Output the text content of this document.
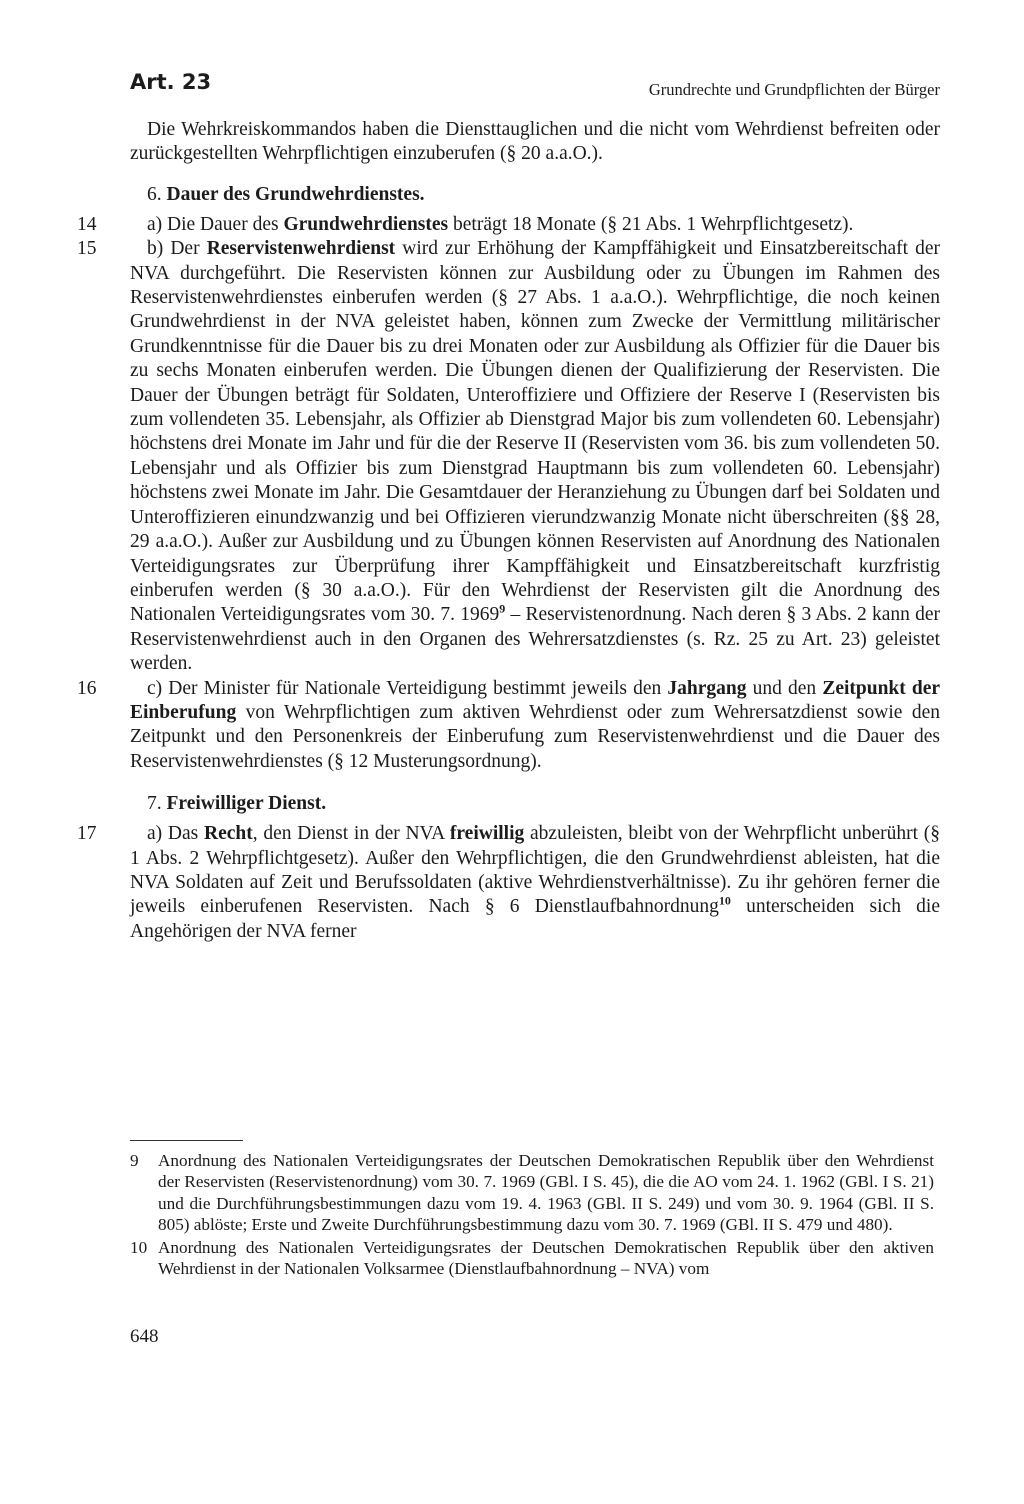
Art. 23	Grundrechte und Grundpflichten der Bürger

Die Wehrkreiskommandos haben die Diensttauglichen und die nicht vom Wehrdienst befreiten oder zurückgestellten Wehrpflichtigen einzuberufen (§ 20 a.a.O.).

6. Dauer des Grundwehrdienstes.

14	a) Die Dauer des Grundwehrdienstes beträgt 18 Monate (§ 21 Abs. 1 Wehrpflichtgesetz).

15	b) Der Reservistenwehrdienst wird zur Erhöhung der Kampffähigkeit und Einsatzbereitschaft der NVA durchgeführt. Die Reservisten können zur Ausbildung oder zu Übungen im Rahmen des Reservistenwehrdienstes einberufen werden (§ 27 Abs. 1 a.a.O.). Wehrpflichtige, die noch keinen Grundwehrdienst in der NVA geleistet haben, können zum Zwecke der Vermittlung militärischer Grundkenntnisse für die Dauer bis zu drei Monaten oder zur Ausbildung als Offizier für die Dauer bis zu sechs Monaten einberufen werden. Die Übungen dienen der Qualifizierung der Reservisten. Die Dauer der Übungen beträgt für Soldaten, Unteroffiziere und Offiziere der Reserve I (Reservisten bis zum vollendeten 35. Lebensjahr, als Offizier ab Dienstgrad Major bis zum vollendeten 60. Lebensjahr) höchstens drei Monate im Jahr und für die der Reserve II (Reservisten vom 36. bis zum vollendeten 50. Lebensjahr und als Offizier bis zum Dienstgrad Hauptmann bis zum vollendeten 60. Lebensjahr) höchstens zwei Monate im Jahr. Die Gesamtdauer der Heranziehung zu Übungen darf bei Soldaten und Unteroffizieren einundzwanzig und bei Offizieren vierundzwanzig Monate nicht überschreiten (§§ 28, 29 a.a.O.). Außer zur Ausbildung und zu Übungen können Reservisten auf Anordnung des Nationalen Verteidigungsrates zur Überprüfung ihrer Kampffähigkeit und Einsatzbereitschaft kurzfristig einberufen werden (§ 30 a.a.O.). Für den Wehrdienst der Reservisten gilt die Anordnung des Nationalen Verteidigungsrates vom 30. 7. 1969$^9$ – Reservistenordnung. Nach deren § 3 Abs. 2 kann der Reservistenwehrdienst auch in den Organen des Wehrersatzdienstes (s. Rz. 25 zu Art. 23) geleistet werden.

16	c) Der Minister für Nationale Verteidigung bestimmt jeweils den Jahrgang und den Zeitpunkt der Einberufung von Wehrpflichtigen zum aktiven Wehrdienst oder zum Wehrersatzdienst sowie den Zeitpunkt und den Personenkreis der Einberufung zum Reservistenwehrdienst und die Dauer des Reservistenwehrdienstes (§ 12 Musterungsordnung).

7. Freiwilliger Dienst.

17	a) Das Recht, den Dienst in der NVA freiwillig abzuleisten, bleibt von der Wehrpflicht unberührt (§ 1 Abs. 2 Wehrpflichtgesetz). Außer den Wehrpflichtigen, die den Grundwehrdienst ableisten, hat die NVA Soldaten auf Zeit und Berufssoldaten (aktive Wehrdienstverhältnisse). Zu ihr gehören ferner die jeweils einberufenen Reservisten. Nach § 6 Dienstlaufbahnordnung$^{10}$ unterscheiden sich die Angehörigen der NVA ferner

9 Anordnung des Nationalen Verteidigungsrates der Deutschen Demokratischen Republik über den Wehrdienst der Reservisten (Reservistenordnung) vom 30. 7. 1969 (GBl. I S. 45), die die AO vom 24. 1. 1962 (GBl. I S. 21) und die Durchführungsbestimmungen dazu vom 19. 4. 1963 (GBl. II S. 249) und vom 30. 9. 1964 (GBl. II S. 805) ablöste; Erste und Zweite Durchführungsbestimmung dazu vom 30. 7. 1969 (GBl. II S. 479 und 480).

10 Anordnung des Nationalen Verteidigungsrates der Deutschen Demokratischen Republik über den aktiven Wehrdienst in der Nationalen Volksarmee (Dienstlaufbahnordnung – NVA) vom

648
